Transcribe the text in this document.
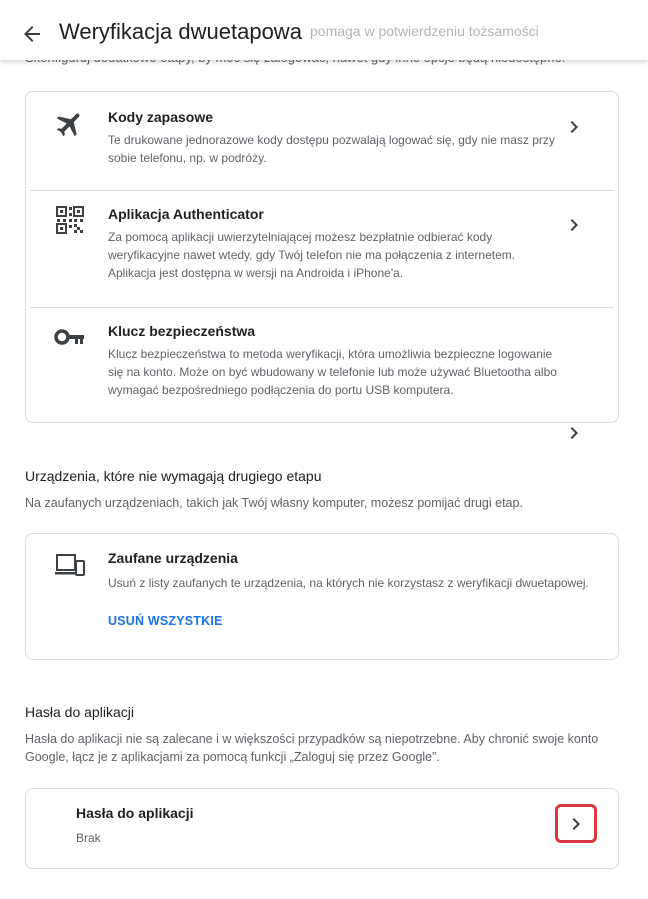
pomaga w potwierdzeniu tożsamości
Weryfikacja dwuetapowa
Kody zapasowe
Te drukowane jednorazowe kody dostępu pozwalają logować się, gdy nie masz przy sobie telefonu, np. w podróży.
Aplikacja Authenticator
Za pomocą aplikacji uwierzytelniającej możesz bezpłatnie odbierać kody weryfikacyjne nawet wtedy, gdy Twój telefon nie ma połączenia z internetem. Aplikacja jest dostępna w wersji na Androida i iPhone'a.
Klucz bezpieczeństwa
Klucz bezpieczeństwa to metoda weryfikacji, która umożliwia bezpieczne logowanie się na konto. Może on być wbudowany w telefonie lub może używać Bluetootha albo wymagać bezpośredniego podłączenia do portu USB komputera.
Urządzenia, które nie wymagają drugiego etapu
Na zaufanych urządzeniach, takich jak Twój własny komputer, możesz pomijać drugi etap.
Zaufane urządzenia
Usuń z listy zaufanych te urządzenia, na których nie korzystasz z weryfikacji dwuetapowej.
USUŃ WSZYSTKIE
Hasła do aplikacji
Hasła do aplikacji nie są zalecane i w większości przypadków są niepotrzebne. Aby chronić swoje konto Google, łącz je z aplikacjami za pomocą funkcji „Zaloguj się przez Google”.
Hasła do aplikacji
Brak
